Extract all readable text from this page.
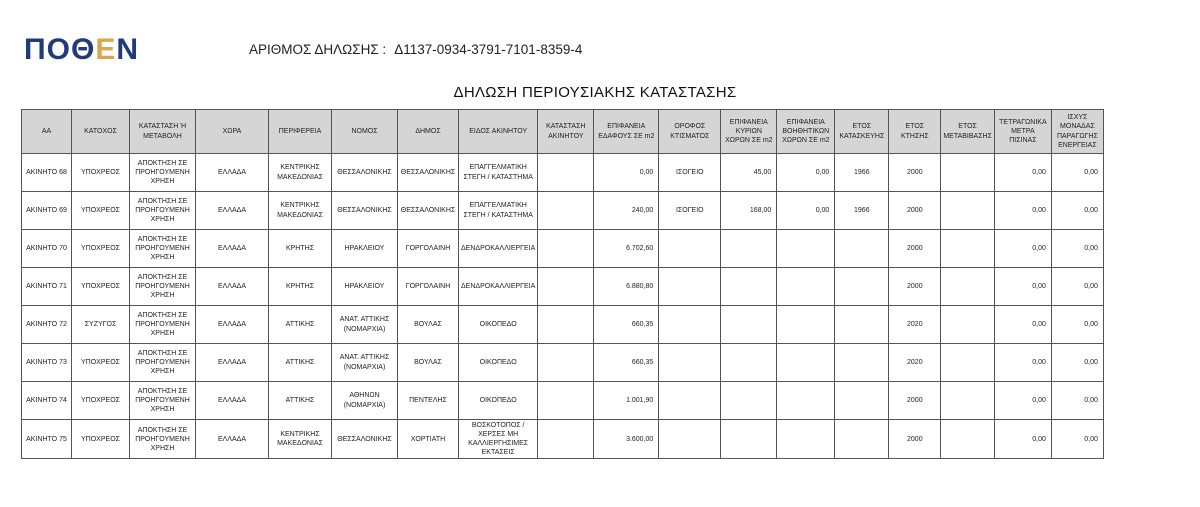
ΠΟΘΕΝ	ΑΡΙΘΜΟΣ ΔΗΛΩΣΗΣ : Δ1137-0934-3791-7101-8359-4
ΔΗΛΩΣΗ ΠΕΡΙΟΥΣΙΑΚΗΣ ΚΑΤΑΣΤΑΣΗΣ
ΑΑ	ΚΑΤΟΧΟΣ	ΚΑΤΑΣΤΑΣΗ Ή ΜΕΤΑΒΟΛΗ	ΧΩΡΑ	ΠΕΡΙΦΕΡΕΙΑ	ΝΟΜΟΣ	ΔΗΜΟΣ	ΕΙΔΟΣ ΑΚΙΝΗΤΟΥ	ΚΑΤΑΣΤΑΣΗ ΑΚΙΝΗΤΟΥ	ΕΠΙΦΑΝΕΙΑ ΕΔΑΦΟΥΣ ΣΕ m2	ΟΡΟΦΟΣ ΚΤΙΣΜΑΤΟΣ	ΕΠΙΦΑΝΕΙΑ ΚΥΡΙΩΝ ΧΩΡΩΝ ΣΕ m2	ΕΠΙΦΑΝΕΙΑ ΒΟΗΘΗΤΙΚΩΝ ΧΩΡΩΝ ΣΕ m2	ΕΤΟΣ ΚΑΤΑΣΚΕΥΗΣ	ΕΤΟΣ ΚΤΗΣΗΣ	ΕΤΟΣ ΜΕΤΑΒΙΒΑΣΗΣ	ΤΕΤΡΑΓΩΝΙΚΑ ΜΕΤΡΑ ΠΙΣΙΝΑΣ	ΙΣΧΥΣ ΜΟΝΑΔΑΣ ΠΑΡΑΓΩΓΗΣ ΕΝΕΡΓΕΙΑΣ
ΑΚΙΝΗΤΟ 68	ΥΠΟΧΡΕΟΣ	ΑΠΟΚΤΗΣΗ ΣΕ ΠΡΟΗΓΟΥΜΕΝΗ ΧΡΗΣΗ	ΕΛΛΑΔΑ	ΚΕΝΤΡΙΚΗΣ ΜΑΚΕΔΟΝΙΑΣ	ΘΕΣΣΑΛΟΝΙΚΗΣ	ΘΕΣΣΑΛΟΝΙΚΗΣ	ΕΠΑΓΓΕΛΜΑΤΙΚΗ ΣΤΕΓΗ / ΚΑΤΑΣΤΗΜΑ		0,00	ΙΣΟΓΕΙΟ	45,00	0,00	1966	2000		0,00	0,00
ΑΚΙΝΗΤΟ 69	ΥΠΟΧΡΕΟΣ	ΑΠΟΚΤΗΣΗ ΣΕ ΠΡΟΗΓΟΥΜΕΝΗ ΧΡΗΣΗ	ΕΛΛΑΔΑ	ΚΕΝΤΡΙΚΗΣ ΜΑΚΕΔΟΝΙΑΣ	ΘΕΣΣΑΛΟΝΙΚΗΣ	ΘΕΣΣΑΛΟΝΙΚΗΣ	ΕΠΑΓΓΕΛΜΑΤΙΚΗ ΣΤΕΓΗ / ΚΑΤΑΣΤΗΜΑ		240,00	ΙΣΟΓΕΙΟ	168,00	0,00	1966	2000		0,00	0,00
ΑΚΙΝΗΤΟ 70	ΥΠΟΧΡΕΟΣ	ΑΠΟΚΤΗΣΗ ΣΕ ΠΡΟΗΓΟΥΜΕΝΗ ΧΡΗΣΗ	ΕΛΛΑΔΑ	ΚΡΗΤΗΣ	ΗΡΑΚΛΕΙΟΥ	ΓΟΡΓΟΛΑΙΝΗ	ΔΕΝΔΡΟΚΑΛΛΙΕΡΓΕΙΑ		6.702,60					2000		0,00	0,00
ΑΚΙΝΗΤΟ 71	ΥΠΟΧΡΕΟΣ	ΑΠΟΚΤΗΣΗ ΣΕ ΠΡΟΗΓΟΥΜΕΝΗ ΧΡΗΣΗ	ΕΛΛΑΔΑ	ΚΡΗΤΗΣ	ΗΡΑΚΛΕΙΟΥ	ΓΟΡΓΟΛΑΙΝΗ	ΔΕΝΔΡΟΚΑΛΛΙΕΡΓΕΙΑ		6.880,80					2000		0,00	0,00
ΑΚΙΝΗΤΟ 72	ΣΥΖΥΓΟΣ	ΑΠΟΚΤΗΣΗ ΣΕ ΠΡΟΗΓΟΥΜΕΝΗ ΧΡΗΣΗ	ΕΛΛΑΔΑ	ΑΤΤΙΚΗΣ	ΑΝΑΤ. ΑΤΤΙΚΗΣ (ΝΟΜΑΡΧΙΑ)	ΒΟΥΛΑΣ	ΟΙΚΟΠΕΔΟ		660,35					2020		0,00	0,00
ΑΚΙΝΗΤΟ 73	ΥΠΟΧΡΕΟΣ	ΑΠΟΚΤΗΣΗ ΣΕ ΠΡΟΗΓΟΥΜΕΝΗ ΧΡΗΣΗ	ΕΛΛΑΔΑ	ΑΤΤΙΚΗΣ	ΑΝΑΤ. ΑΤΤΙΚΗΣ (ΝΟΜΑΡΧΙΑ)	ΒΟΥΛΑΣ	ΟΙΚΟΠΕΔΟ		660,35					2020		0,00	0,00
ΑΚΙΝΗΤΟ 74	ΥΠΟΧΡΕΟΣ	ΑΠΟΚΤΗΣΗ ΣΕ ΠΡΟΗΓΟΥΜΕΝΗ ΧΡΗΣΗ	ΕΛΛΑΔΑ	ΑΤΤΙΚΗΣ	ΑΘΗΝΩΝ (ΝΟΜΑΡΧΙΑ)	ΠΕΝΤΕΛΗΣ	ΟΙΚΟΠΕΔΟ		1.001,90					2000		0,00	0,00
ΑΚΙΝΗΤΟ 75	ΥΠΟΧΡΕΟΣ	ΑΠΟΚΤΗΣΗ ΣΕ ΠΡΟΗΓΟΥΜΕΝΗ ΧΡΗΣΗ	ΕΛΛΑΔΑ	ΚΕΝΤΡΙΚΗΣ ΜΑΚΕΔΟΝΙΑΣ	ΘΕΣΣΑΛΟΝΙΚΗΣ	ΧΟΡΤΙΑΤΗ	ΒΟΣΚΟΤΟΠΟΣ / ΧΕΡΣΕΣ ΜΗ ΚΑΛΛΙΕΡΓΗΣΙΜΕΣ ΕΚΤΑΣΕΙΣ		3.600,00					2000		0,00	0,00
